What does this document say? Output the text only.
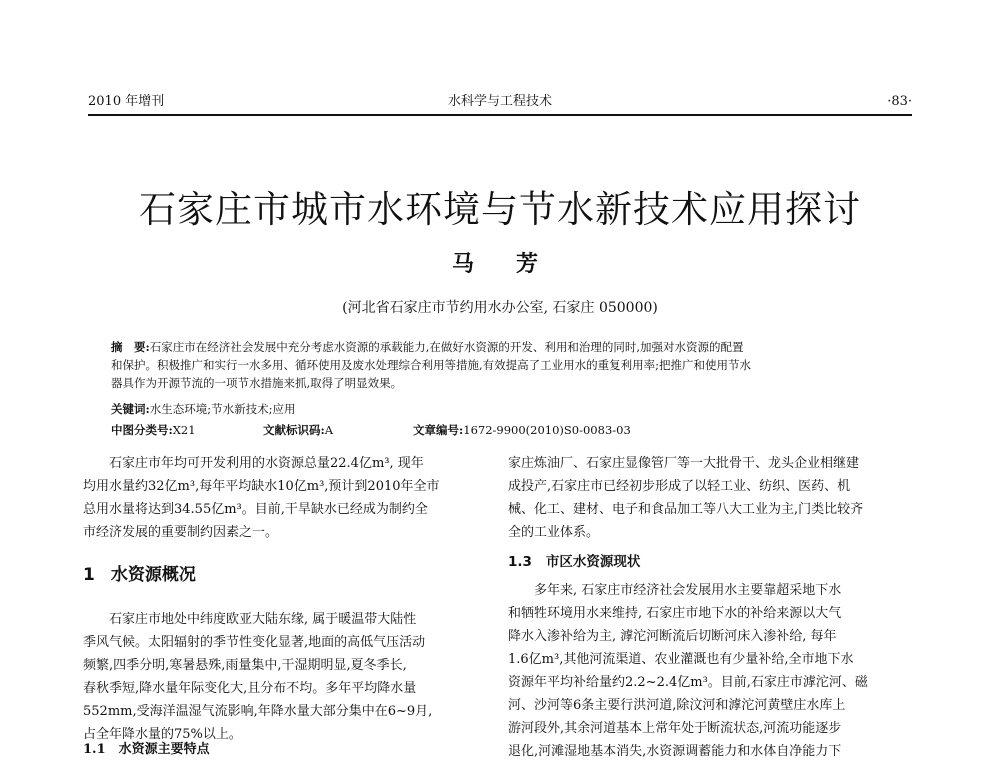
水科学与工程技术
2010 年增刊	·83·
石家庄市城市水环境与节水新技术应用探讨
马　芳
(河北省石家庄市节约用水办公室, 石家庄 050000)

摘　要:石家庄市在经济社会发展中充分考虑水资源的承载能力,在做好水资源的开发、利用和治理的同时,加强对水资源的配置

和保护。积极推广和实行一水多用、循环使用及废水处理综合利用等措施,有效提高了工业用水的重复利用率;把推广和使用节水

器具作为开源节流的一项节水措施来抓,取得了明显效果。

关键词:水生态环境;节水新技术;应用
中图分类号:X21	文献标识码:A	文章编号:1672-9900(2010)S0-0083-03

石家庄市年均可开发利用的水资源总量22.4亿m³, 现年

均用水量约32亿m³,每年平均缺水10亿m³,预计到2010年全市

总用水量将达到34.55亿m³。目前,干旱缺水已经成为制约全

市经济发展的重要制约因素之一。

1 水资源概况

石家庄市地处中纬度欧亚大陆东缘, 属于暖温带大陆性

季风气候。太阳辐射的季节性变化显著,地面的高低气压活动

频繁,四季分明,寒暑悬殊,雨量集中,干湿期明显,夏冬季长,

春秋季短,降水量年际变化大,且分布不均。多年平均降水量

552mm,受海洋温湿气流影响,年降水量大部分集中在6~9月,

占全年降水量的75%以上。

家庄炼油厂、石家庄显像管厂等一大批骨干、龙头企业相继建

成投产,石家庄市已经初步形成了以轻工业、纺织、医药、机

械、化工、建材、电子和食品加工等八大工业为主,门类比较齐

全的工业体系。

1.3 市区水资源现状

多年来, 石家庄市经济社会发展用水主要靠超采地下水

和牺牲环境用水来维持, 石家庄市地下水的补给来源以大气

降水入渗补给为主, 滹沱河断流后切断河床入渗补给, 每年

1.6亿m³,其他河流渠道、农业灌溉也有少量补给,全市地下水

资源年平均补给量约2.2~2.4亿m³。目前,石家庄市滹沱河、磁

河、沙河等6条主要行洪河道,除汶河和滹沱河黄壁庄水库上

游河段外,其余河道基本上常年处于断流状态,河流功能逐步

退化,河滩湿地基本消失,水资源调蓄能力和水体自净能力下

1.1　水资源主要特点
